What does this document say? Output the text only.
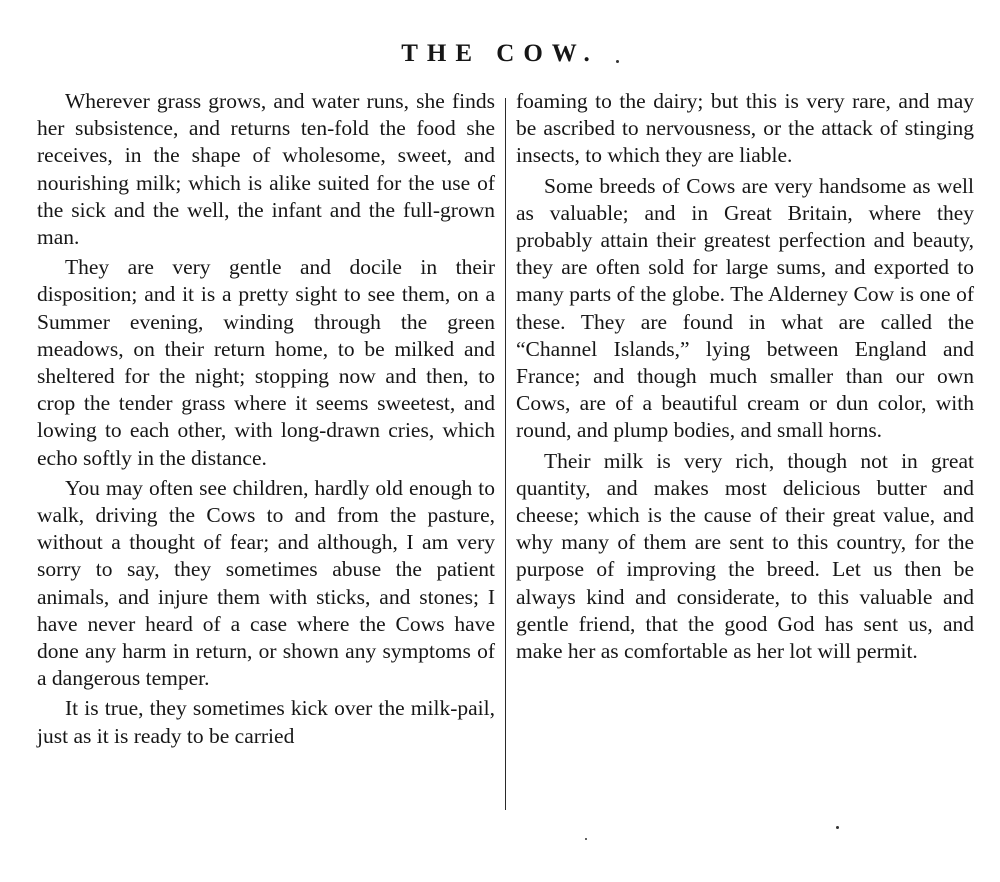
THE COW.

Wherever grass grows, and water runs, she finds her subsistence, and returns ten-fold the food she receives, in the shape of wholesome, sweet, and nourishing milk; which is alike suited for the use of the sick and the well, the infant and the full-grown man.

They are very gentle and docile in their disposition; and it is a pretty sight to see them, on a Summer evening, winding through the green meadows, on their return home, to be milked and sheltered for the night; stopping now and then, to crop the tender grass where it seems sweetest, and lowing to each other, with long-drawn cries, which echo softly in the distance.

You may often see children, hardly old enough to walk, driving the Cows to and from the pasture, without a thought of fear; and although, I am very sorry to say, they sometimes abuse the patient animals, and injure them with sticks, and stones; I have never heard of a case where the Cows have done any harm in return, or shown any symptoms of a dangerous temper.

It is true, they sometimes kick over the milk-pail, just as it is ready to be carried

foaming to the dairy; but this is very rare, and may be ascribed to nervousness, or the attack of stinging insects, to which they are liable.

Some breeds of Cows are very handsome as well as valuable; and in Great Britain, where they probably attain their greatest perfection and beauty, they are often sold for large sums, and exported to many parts of the globe. The Alderney Cow is one of these. They are found in what are called the “Channel Islands,” lying between England and France; and though much smaller than our own Cows, are of a beautiful cream or dun color, with round, and plump bodies, and small horns.

Their milk is very rich, though not in great quantity, and makes most delicious butter and cheese; which is the cause of their great value, and why many of them are sent to this country, for the purpose of improving the breed. Let us then be always kind and considerate, to this valuable and gentle friend, that the good God has sent us, and make her as comfortable as her lot will permit.
